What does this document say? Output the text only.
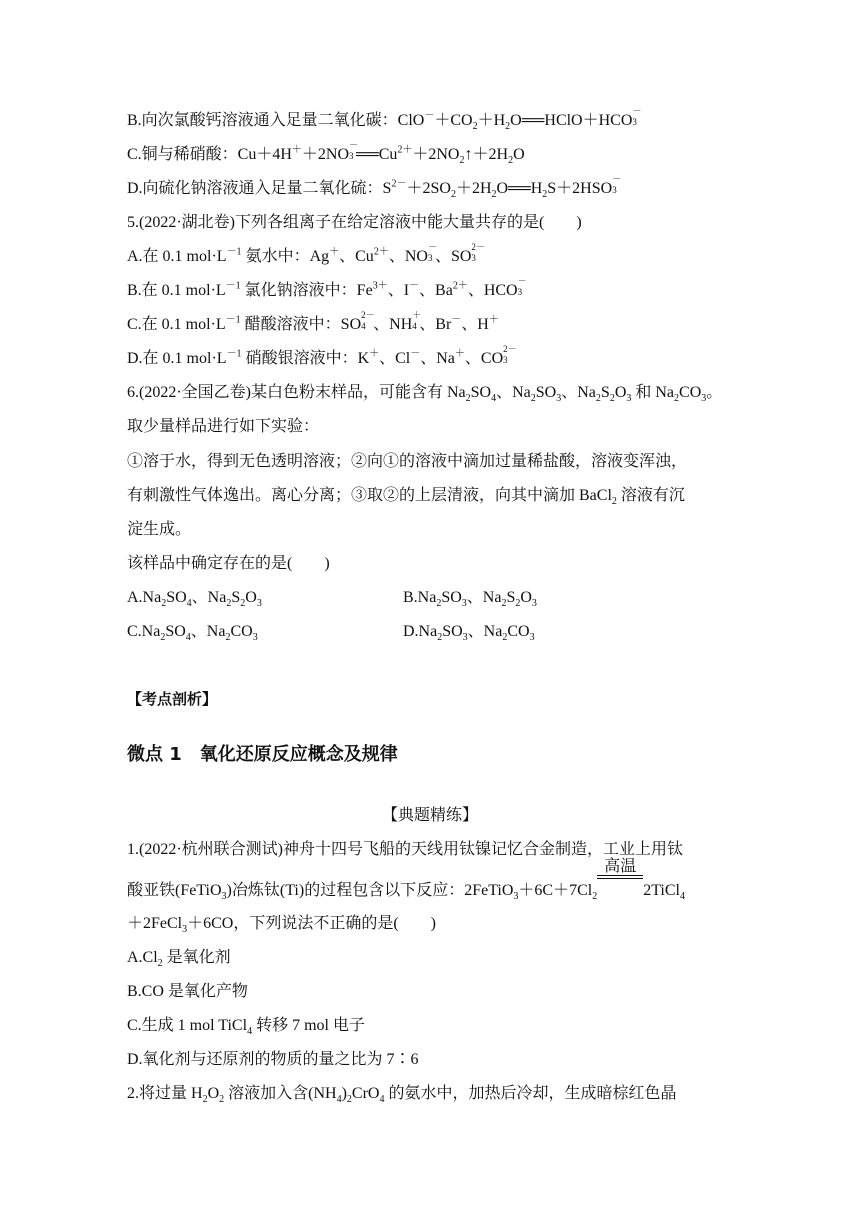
B.向次氯酸钙溶液通入足量二氧化碳：$ClO^-+CO_2+H_2O══HClO+HCO$
－
3
C.铜与稀硝酸：Cu＋4H＋＋2NO
－
3 $══Cu^{2+}+2NO_2↑+2H_2O$
D.向硫化钠溶液通入足量二氧化硫：$S^{2-}+2SO_2+2H_2O══H_2S+2HSO$
－
3
5.(2022·湖北卷)下列各组离子在给定溶液中能大量共存的是(　　)
A.在 0.1 $mol\cdot L^{-1}$ 氨水中：Ag＋、$Cu^{2+}$、NO
－
3 、SO
2－
3
B.在 0.1 $mol\cdot L^{-1}$ 氯化钠溶液中：$Fe^{3+}$、I－、$Ba^{2+}$、HCO
－
3
C.在 0.1 $mol\cdot L^{-1}$ 醋酸溶液中：SO
2－
4 、NH
＋
4 、Br－、H＋
D.在 0.1 $mol\cdot L^{-1}$ 硝酸银溶液中：K＋、Cl－、Na＋、CO
2－
3
6.(2022·全国乙卷)某白色粉末样品，可能含有 $Na_2SO_4$、$Na_2SO_3$、$Na_2S_2O_3$ 和 $Na_2CO_3$。
取少量样品进行如下实验：
①溶于水，得到无色透明溶液；②向①的溶液中滴加过量稀盐酸，溶液变浑浊，
有刺激性气体逸出。离心分离；③取②的上层清液，向其中滴加 BaCl$_2$ 溶液有沉
淀生成。
该样品中确定存在的是(　　)
$A.Na_2SO_4$、$Na_2S_2O_3$	$B.Na_2SO_3$、$Na_2S_2O_3$
$C.Na_2SO_4$、$Na_2CO_3$	$D.Na_2SO_3$、$Na_2CO_3$
【考点剖析】
微点 1　氧化还原反应概念及规律
【典题精练】
1.(2022·杭州联合测试)神舟十四号飞船的天线用钛镍记忆合金制造，工业上用钛
酸亚铁(FeTiO$_3$)冶炼钛(Ti)的过程包含以下反应：$2FeTiO_3+6C+7Cl_2$
高温
2TiCl$_4$
＋2FeCl$_3$＋6CO，下列说法不正确的是(　　)
$A.Cl_2$ 是氧化剂
B.CO 是氧化产物
C.生成 1 mol TiCl$_4$ 转移 7 mol 电子
D.氧化剂与还原剂的物质的量之比为 7∶6
2.将过量 $H_2O_2$ 溶液加入含$(NH_4)_2CrO_4$ 的氨水中，加热后冷却，生成暗棕红色晶
